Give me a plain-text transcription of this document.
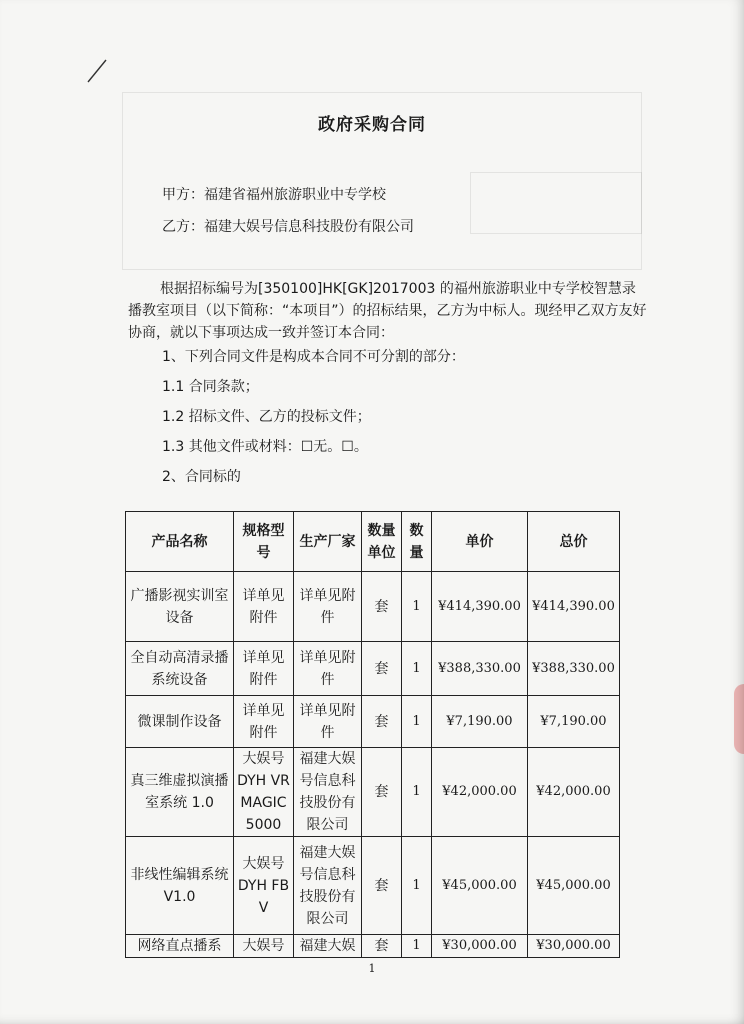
政府采购合同
甲方：福建省福州旅游职业中专学校
乙方：福建大娱号信息科技股份有限公司

根据招标编号为[350100]HK[GK]2017003 的福州旅游职业中专学校智慧录播教室项目（以下简称：“本项目”）的招标结果，乙方为中标人。现经甲乙双方友好协商，就以下事项达成一致并签订本合同：

1、下列合同文件是构成本合同不可分割的部分：
1.1 合同条款；
1.2 招标文件、乙方的投标文件；
1.3 其他文件或材料：☐无。☐。
2、合同标的
产品名称	规格型号	生产厂家	数量单位	数量	单价	总价
广播影视实训室设备	详单见附件	详单见附件	套	1	¥414,390.00	¥414,390.00
全自动高清录播系统设备	详单见附件	详单见附件	套	1	¥388,330.00	¥388,330.00
微课制作设备	详单见附件	详单见附件	套	1	¥7,190.00	¥7,190.00
真三维虚拟演播室系统 1.0	大娱号 DYH VRMAGIC 5000	福建大娱号信息科技股份有限公司	套	1	¥42,000.00	¥42,000.00
非线性编辑系统 V1.0	大娱号 DYH FBV	福建大娱号信息科技股份有限公司	套	1	¥45,000.00	¥45,000.00
网络直点播系	大娱号	福建大娱	套	1	¥30,000.00	¥30,000.00
1
